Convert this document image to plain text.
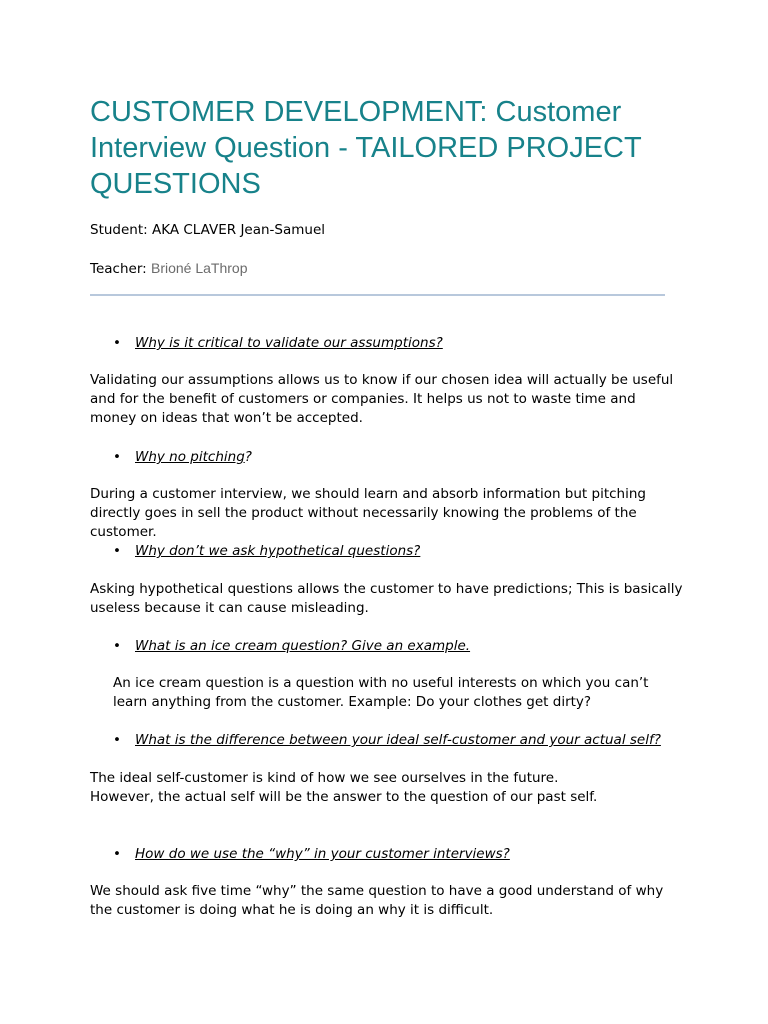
CUSTOMER DEVELOPMENT: Customer Interview Question - TAILORED PROJECT QUESTIONS
Student: AKA CLAVER Jean-Samuel
Teacher: Brioné LaThrop
• Why is it critical to validate our assumptions?

Validating our assumptions allows us to know if our chosen idea will actually be useful and for the benefit of customers or companies. It helps us not to waste time and money on ideas that won’t be accepted.

• Why no pitching?

During a customer interview, we should learn and absorb information but pitching directly goes in sell the product without necessarily knowing the problems of the customer.

• Why don’t we ask hypothetical questions?

Asking hypothetical questions allows the customer to have predictions; This is basically useless because it can cause misleading.

• What is an ice cream question? Give an example.

An ice cream question is a question with no useful interests on which you can’t learn anything from the customer. Example: Do your clothes get dirty?

• What is the difference between your ideal self-customer and your actual self?

The ideal self-customer is kind of how we see ourselves in the future.
However, the actual self will be the answer to the question of our past self.

• How do we use the “why” in your customer interviews?

We should ask five time “why” the same question to have a good understand of why the customer is doing what he is doing an why it is difficult.
